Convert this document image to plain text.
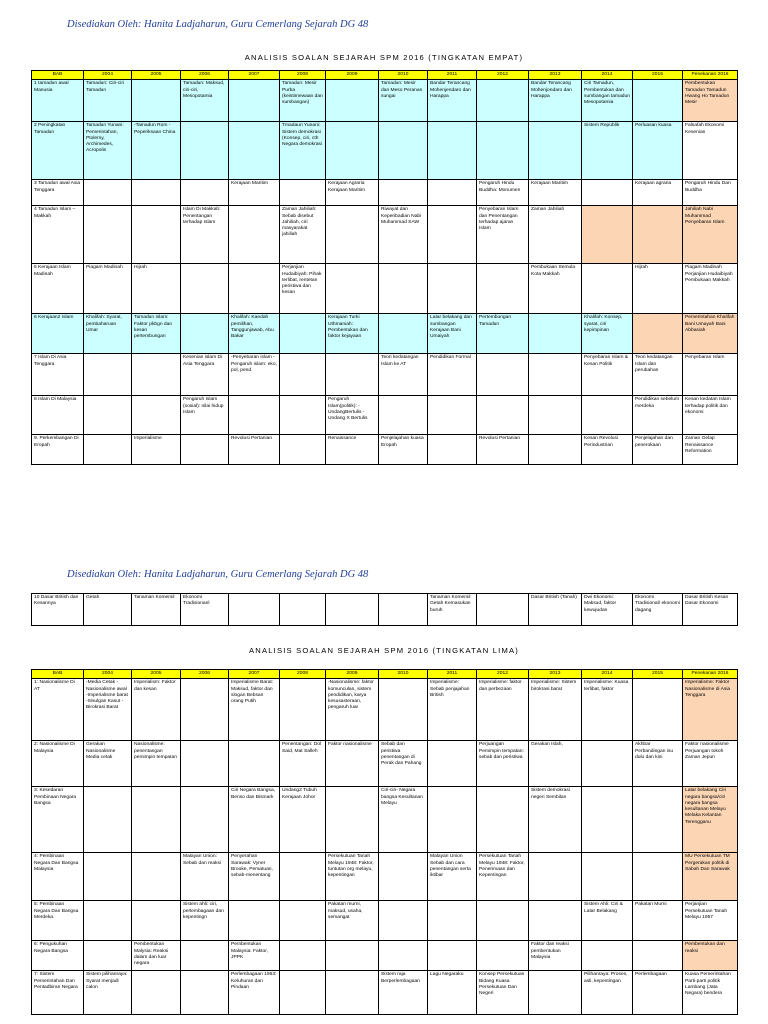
Disediakan Oleh: Hanita Ladjaharun, Guru Cemerlang Sejarah DG 48
ANALISIS SOALAN SEJARAH SPM 2016 (TINGKATAN EMPAT)
BAB	2004	2005	2006	2007	2008	2009	2010	2011	2012	2013	2014	2015	Penekanan 2016
1 tamadun awal Manusia	Tamadun: Ciri-ciri Tamadun		Tamadun: Maksud, ciri-ciri, Mesopotamia		Tamadun: Mesir Purba (keistimewaan dan sumbangan)		Tamadun: Mesir dan Meso Peranan sungai	Bandar Terancang Mohenjendaro dan Harappa		Bandar Terancang Mohenjondaro dan Harappa	Ciri Tamadun, Pembentukan dan sumbangan tamadun Mesopotamia		Pembentukan Tamadun Tamadun Hwang Ho Tamadun Mesir
2 Peningkatan Tamadun	Tamadun Yunani: Pemerintahan, Ptolemy, Archimedes, Acropolis	-Tamadun Rom -Peperiksaan China			Tmadaun Yunani: Sistem demokrasi (Konsep, ciri, cth Negara demokrasi						Sistem Republik	Perluasan kuasa	Falsafah Ekonomi Kesenian
3 Tamadun awal Asia Tenggara				Kerajaan Maritim		Kerajaan Agraria Kerajaan Maritim			Pengaruh Hindu Buddha: Monumen	Kerajaan Maritim		Kerajaan agraria	Pengaruh Hindu Dan Buddha
4 Tamadun Islam –Makkah			Islam Di Makkah: Penentangan terhadap Islam		Zaman Jahiliah: Sebab disebut Jahiliah, ciri masyarakat jahiliah		Riwayat dan Keperibadian Nabi Muhammad SAW		Penyebaran Islam dan Penentangan terhadap ajaran Islam	Zaman Jahiliah			Jahiliah Nabi Muhammad Penyebaran Islam
5 Kerajaan Islam Madinah	Piagam Madinah	Hijrah			Perjanjian Hudaibiyah: Pihak terlibat, rentetan peristiwa dan kesan					Pembukaan Semula Kota Makkah		Hijrah	Piagam Madinah Perjanjian Hudaibiyah Pembukaan Makkah
6 Kerajaan2 Islam	Khalifah: Syarat, pembaharuan Umar	Tamadun Islam: Faktor pkbgn dan kesan pertembungan		Khalifah: Kaedah pemilihan, Tanggunjawab, Abu Bakar		Kerajaan Turki Uthmaniah: Pembentukan dan faktor kejayaan		Latar belakang dan sumbangan Kerajaan Bani Umaiyah	Pertembungan Tamadun		Khalifah: Konsep, syarat, ciri kepimpinan		Pemerintahan Khalifah Bani Umayah Bani Abbasiah
7 Islam Di Asia Tenggara			Kesenian islam Di Asia Tenggara	-Penyebaran islam -Pengaruh islam: eko, pol, pend.			Teori kedatangan Islam ke AT	Pendidikan Formal			Penyebaran Islam & Kesan Politik	Teori kedatangan Islam dan perubahan	Penyebaran Islam
8 Islam Di Malaysia			Pengaruh Islam (sosial): nilai hidup Islam			Pengaruh Islam(politik): -UndangBertulis -Undang X Bertulis						Pendidikan sebelum merdeka	Kesan kedatan Islam terhadap politik dan ekonomi
9. Perkembangan Di Eropah		Imperialisme		Revolusi Pertanian		Renaissance	Penjelajahan kuasa Eropah		Revolusi Pertanian		Kesan Revolusi Perindustrian	Penjelajahan dan penerokaan	Zaman Gelap Renaissance Reformation
Disediakan Oleh: Hanita Ladjaharun, Guru Cemerlang Sejarah DG 48
10 Dasar British dan Kesannya	Getah	Tanaman Komersil	Ekonomi Tradisionanl					Tanaman Komersil Getah Kemasukan buruh		Dasar British (Tanah)	Dwi Ekonomi: Maksud, faktor kewujudan	Ekonomi Tradisional/ ekonomi dagang	Dasar British Kesan Dasar Ekonomi
ANALISIS SOALAN SEJARAH SPM 2016 (TINGKATAN LIMA)
BAB	2004	2005	2006	2007	2008	2009	2010	2011	2012	2013	2014	2015	Penekanan 2016
1: Nasionalisme Di AT	-Media Cetak -Nasionalisme awal -Imperialisme barat -Sisulgan Kasut -Birokrasi Barat	Imperialism: Faktor dan kesan		Imperialisme Barat: Maksud, faktor dan slogan Bebsan orang Putih		-Nasionalisme: faktor komunculan, sistem pendidikan, karya kesusasteraan, pengaruh luar		Imperialisme: Sebab penjajahan British	Imperialisme: faktor dan perbezaan	Imperialisme: Sistem birokrasi barat	Imperialisme: Kuasa terlibat, faktor		Imperialisme: Faktor Nasionalisme di Asia Tenggara
2: Nasionalisme Di Malaysia	Gerakan Nasionalisme Media cetak	Nasionalisme: penentangan pemimpin tempatan			Penentangan: Dol Said, Mat Salleh	Faktor nasionalisme	Sebab dan peristiwa penentangan di Perak dan Pahang		Perjuangan Pemimpin tempatan: sebab dan peristiwa	Gerakan Islah,		Akhbar Perbandingan isu dulu dan kini	Faktor nasionalisme Perjuangan tokoh Zaman Jepun
3: Kesedaran Pembinaan Negara Bangsa				Ciri Negara Bangsa, Benso dan Bismark	Undang2 Tubuh Kerajaan Johor		Ciri-ciri- Negara bangsa Kesultanan Melayu			Sistem demokrasi negeri Sembilan			Latar belakang Ciri negara bangsa/ciri negara bangsa kesultanan Melayu Melaka Kelantan Terengganu
4: Pembinaan Negara Dan Bangsa Malaysia			Malayan Union: Sebab dan reaksi	Penyerahan Sarawak: Vyner Brooke, Persatuan, sebab-menentang		Persekutuan Tanah Melayu 1948: Faktor, tuntutan org melayu, kepentingan		Malayan Union Sebab dan cara penentangan serta iktibar	Persekutuan Tanah Melayu 1948: Faktor, Penerimaan dan Kepentingan				MU Persekutuan TM Pergerakan politik di Sabah Dan Sarawak
5: Pembinaan Negara Dan Bangsa Merdeka.			Sistem ahli: ciri, perlembagaan dan kepentingn			Pakatan murni, maksud, usaha, semangat					Sistem Ahli: Ciri & Latar Belakang	Pakatan Murni	Perjanjian Persekutuan Tanah Melayu 1957
6: Pengukuhan Negara Bangsa		Pembentukan Malysia: Reaksi dalam dan luar negara		Pembentukan Malaysia: Faktor, JPPK						Faktor dan reaksi pembentukan Malaysia			Pembentukan dan reaksi
7: Sistem Pemerintahan Dan Pentadbiran Negara	Sistem pilihanraya: Syarat menjadi calon			Perlembagaan 1963: Keluhuran dan Pindaan			Sistem raja Berperlembagaan	Lagu Negaraku	Konsep Persekutuan Bidang Kuasa Persekutuan Dan Negeri		Pilihanraya: Proses, asli, kepentingan	Perlembagaan	Kuasa Pemerintahan Parti-parti politik Lambang (Jata Negara) bendera
